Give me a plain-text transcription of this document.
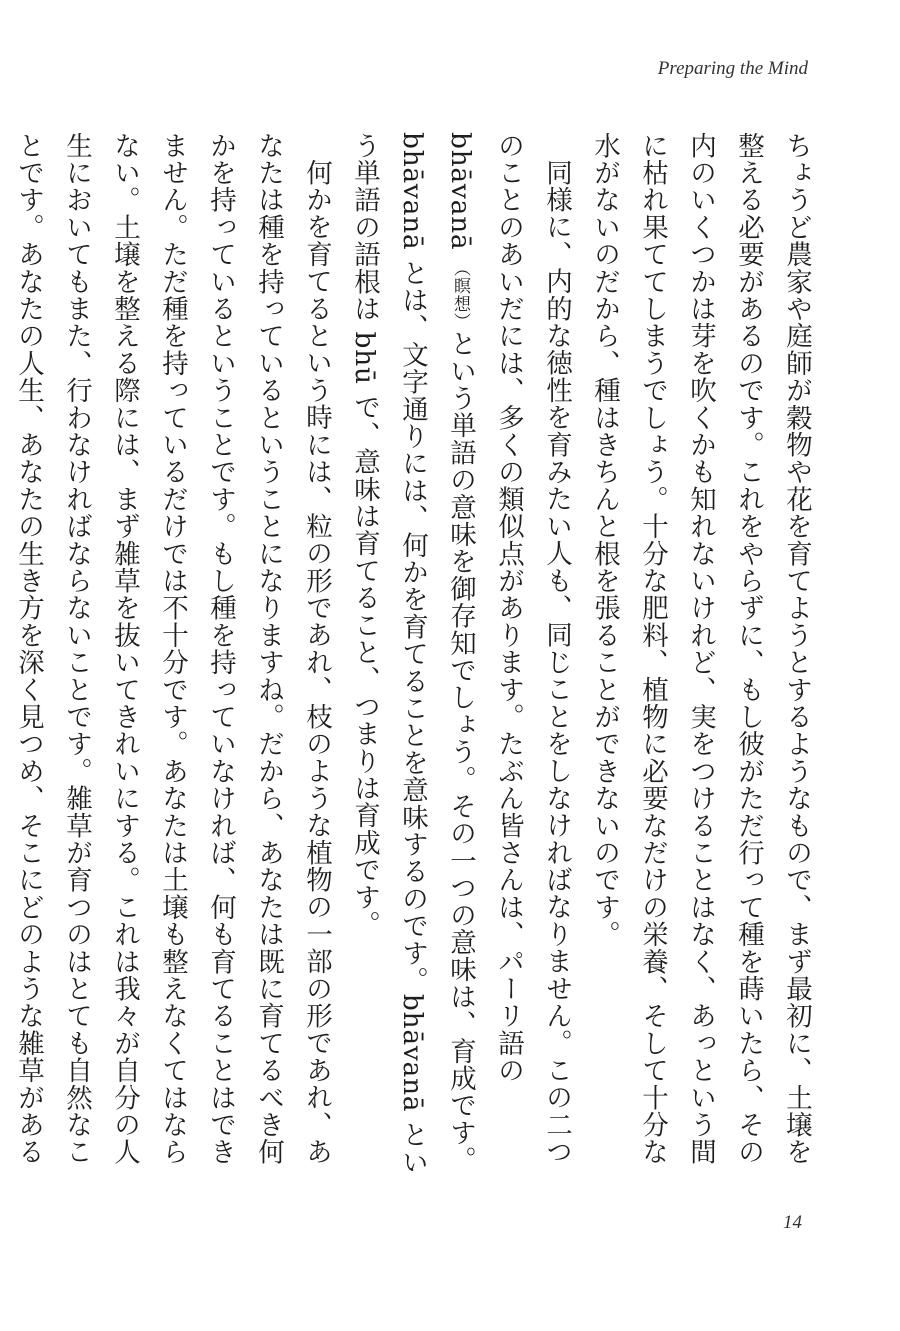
Preparing the Mind

ちょうど農家や庭師が穀物や花を育てようとするようなもので、まず最初に、土壌を整える必要があるのです。これをやらずに、もし彼がただ行って種を蒔いたら、その内のいくつかは芽を吹くかも知れないけれど、実をつけることはなく、あっという間に枯れ果ててしまうでしょう。十分な肥料、植物に必要なだけの栄養、そして十分な水がないのだから、種はきちんと根を張ることができないのです。

同様に、内的な徳性を育みたい人も、同じことをしなければなりません。この二つのことのあいだには、多くの類似点があります。たぶん皆さんは、パーリ語の bhāvanā （瞑想）という単語の意味を御存知でしょう。その一つの意味は、育成です。bhāvanā とは、文字通りには、何かを育てることを意味するのです。bhāvanā という単語の語根は bhū で、意味は育てること、つまりは育成です。

何かを育てるという時には、粒の形であれ、枝のような植物の一部の形であれ、あなたは種を持っているということになりますね。だから、あなたは既に育てるべき何かを持っているということです。もし種を持っていなければ、何も育てることはできません。ただ種を持っているだけでは不十分です。あなたは土壌も整えなくてはならない。土壌を整える際には、まず雑草を抜いてきれいにする。これは我々が自分の人生においてもまた、行わなければならないことです。雑草が育つのはとても自然なことです。あなたの人生、あなたの生き方を深く見つめ、そこにどのような雑草がある

14
